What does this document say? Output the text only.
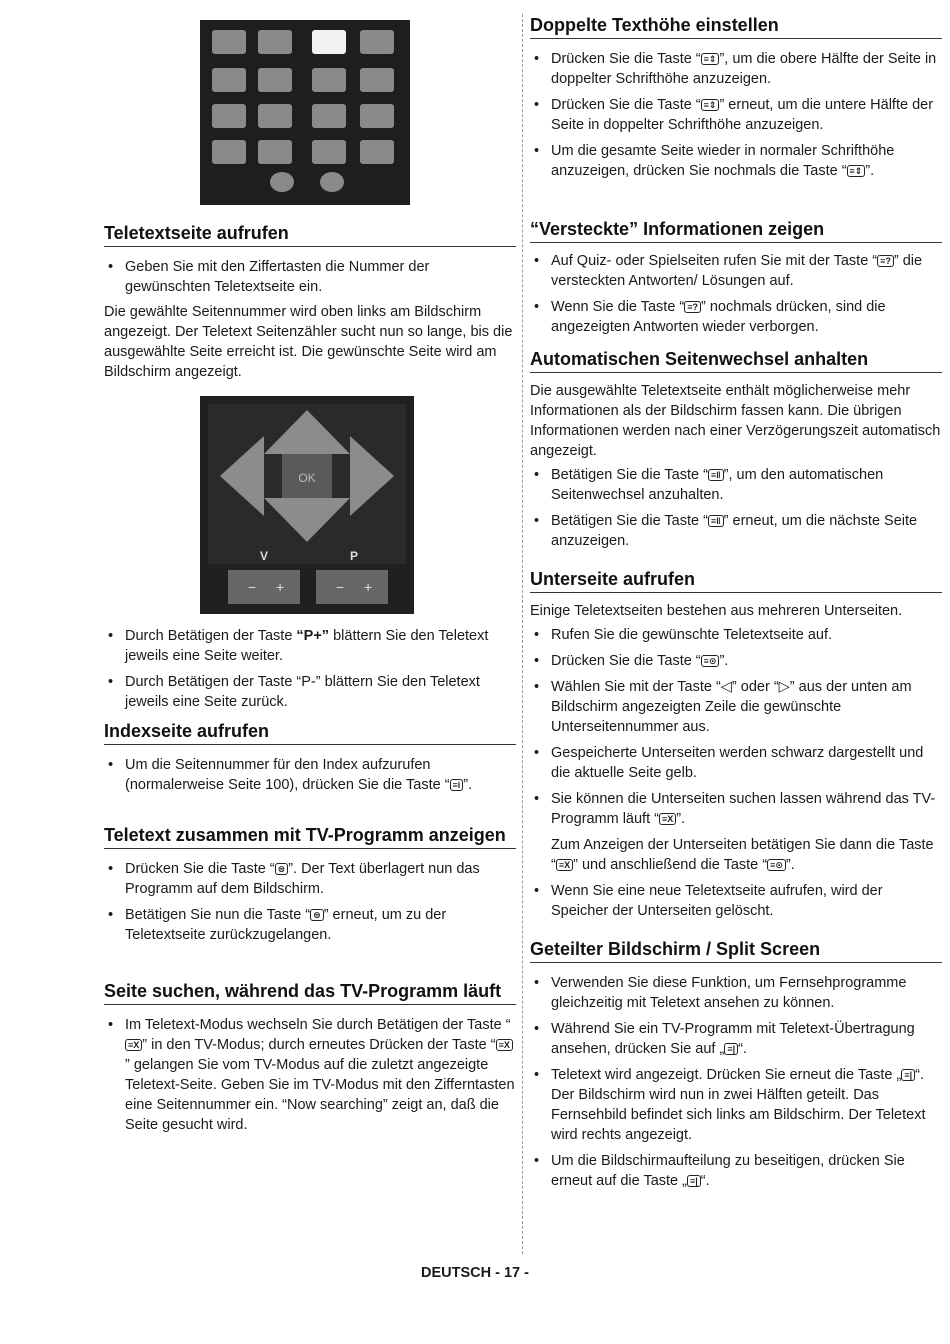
Teletextseite aufrufen
• Geben Sie mit den Ziffertasten die Nummer der gewünschten Teletextseite ein.

Die gewählte Seitennummer wird oben links am Bildschirm angezeigt. Der Teletext Seitenzähler sucht nun so lange, bis die ausgewählte Seite erreicht ist. Die gewünschte Seite wird am Bildschirm angezeigt.

OK
V	P
− +	− +
• Durch Betätigen der Taste “P+” blättern Sie den Teletext jeweils eine Seite weiter.
• Durch Betätigen der Taste “P-” blättern Sie den Teletext jeweils eine Seite zurück.
Indexseite aufrufen
• Um die Seitennummer für den Index aufzurufen (normalerweise Seite 100), drücken Sie die Taste “ ≡i ”.
Teletext zusammen mit TV-Programm anzeigen
• Drücken Sie die Taste “ ⊜ ”. Der Text überlagert nun das Programm auf dem Bildschirm.
• Betätigen Sie nun die Taste “ ⊜ ” erneut, um zu der Teletextseite zurückzugelangen.
Seite suchen, während das TV-Programm läuft
• Im Teletext-Modus wechseln Sie durch Betätigen der Taste “≡X ” in den TV-Modus; durch erneutes Drücken der Taste “ ≡X” gelangen Sie vom TV-Modus auf die zuletzt angezeigte Teletext-Seite. Geben Sie im TV-Modus mit den Zifferntasten eine Seitennummer ein. “Now searching” zeigt an, daß die Seite gesucht wird.
Doppelte Texthöhe einstellen
• Drücken Sie die Taste “ ≡⇕ ”, um die obere Hälfte der Seite in doppelter Schrifthöhe anzuzeigen.
• Drücken Sie die Taste “ ≡⇕ ” erneut, um die untere Hälfte der Seite in doppelter Schrifthöhe anzuzeigen.
• Um die gesamte Seite wieder in normaler Schrifthöhe anzuzeigen, drücken Sie nochmals die Taste “ ≡⇕ ”.
“Versteckte” Informationen zeigen
• Auf Quiz- oder Spielseiten rufen Sie mit der Taste “ ≡? ” die versteckten Antworten/ Lösungen auf.
• Wenn Sie die Taste “ ≡? ” nochmals drücken, sind die angezeigten Antworten wieder verborgen.
Automatischen Seitenwechsel anhalten

Die ausgewählte Teletextseite enthält möglicherweise mehr Informationen als der Bildschirm fassen kann. Die übrigen Informationen werden nach einer Verzögerungszeit automatisch angezeigt.

• Betätigen Sie die Taste “ ≡‖ ”, um den automatischen Seitenwechsel anzuhalten.
• Betätigen Sie die Taste “ ≡‖ ” erneut, um die nächste Seite anzuzeigen.
Unterseite aufrufen

Einige Teletextseiten bestehen aus mehreren Unterseiten.

• Rufen Sie die gewünschte Teletextseite auf.
• Drücken Sie die Taste “ ≡⊙ ”.
• Wählen Sie mit der Taste “◁” oder “▷” aus der unten am Bildschirm angezeigten Zeile die gewünschte Unterseitennummer aus.
• Gespeicherte Unterseiten werden schwarz dargestellt und die aktuelle Seite gelb.
• Sie können die Unterseiten suchen lassen während das TV-Programm läuft “ ≡X ”.

Zum Anzeigen der Unterseiten betätigen Sie dann die Taste “ ≡X ” und anschließend die Taste “ ≡⊙ ”.

• Wenn Sie eine neue Teletextseite aufrufen, wird der Speicher der Unterseiten gelöscht.
Geteilter Bildschirm / Split Screen
• Verwenden Sie diese Funktion, um Fernsehprogramme gleichzeitig mit Teletext ansehen zu können.
• Während Sie ein TV-Programm mit Teletext-Übertragung ansehen, drücken Sie auf „ ≡| “.
• Teletext wird angezeigt. Drücken Sie erneut die Taste „ ≡| “. Der Bildschirm wird nun in zwei Hälften geteilt. Das Fernsehbild befindet sich links am Bildschirm. Der Teletext wird rechts angezeigt.
• Um die Bildschirmaufteilung zu beseitigen, drücken Sie erneut auf die Taste „ ≡| “.
DEUTSCH - 17 -
